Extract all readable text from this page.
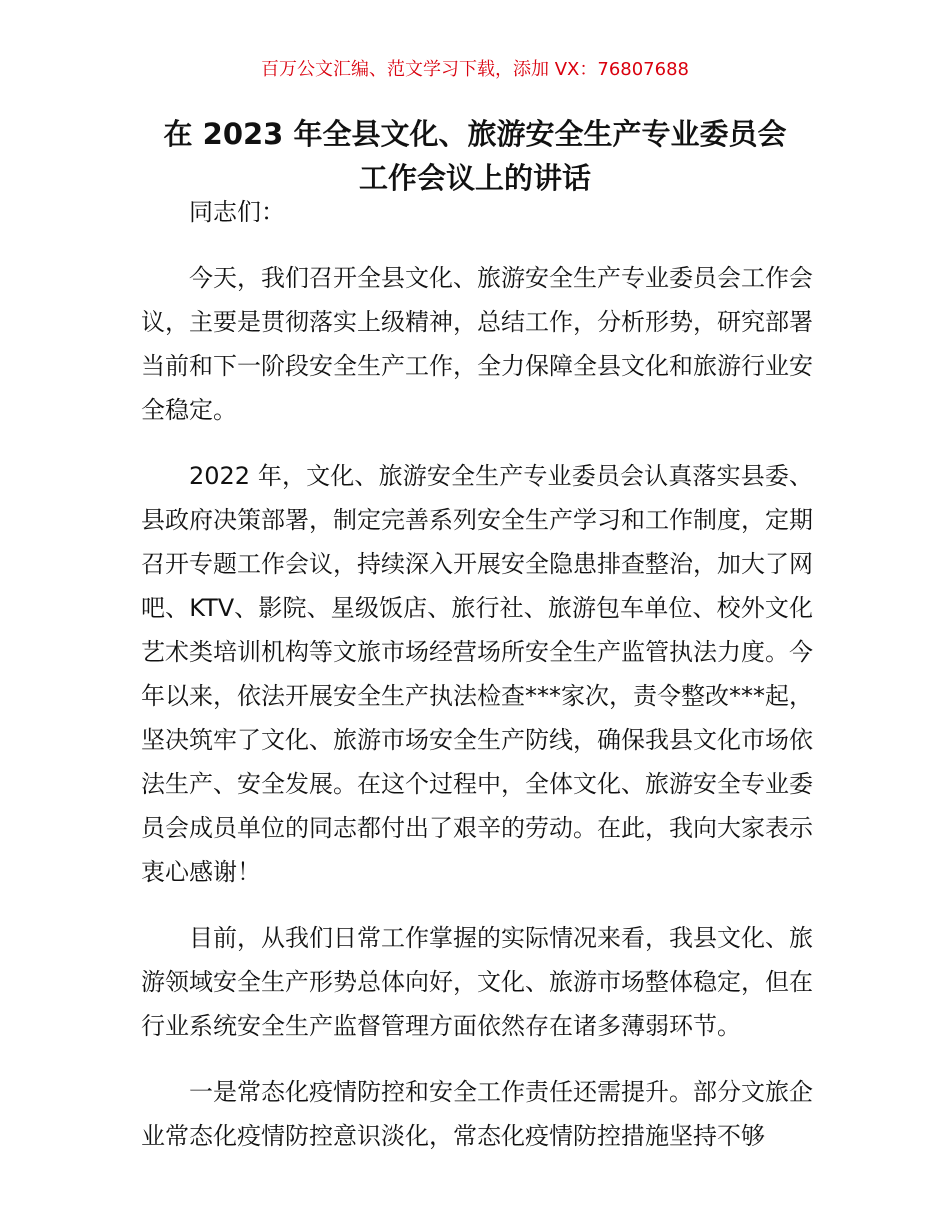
百万公文汇编、范文学习下载，添加 VX：76807688
在 2023 年全县文化、旅游安全生产专业委员会
工作会议上的讲话

同志们：

今天，我们召开全县文化、旅游安全生产专业委员会工作会议，主要是贯彻落实上级精神，总结工作，分析形势，研究部署当前和下一阶段安全生产工作，全力保障全县文化和旅游行业安全稳定。

2022 年，文化、旅游安全生产专业委员会认真落实县委、县政府决策部署，制定完善系列安全生产学习和工作制度，定期召开专题工作会议，持续深入开展安全隐患排查整治，加大了网吧、KTV、影院、星级饭店、旅行社、旅游包车单位、校外文化艺术类培训机构等文旅市场经营场所安全生产监管执法力度。今年以来，依法开展安全生产执法检查***家次，责令整改***起，坚决筑牢了文化、旅游市场安全生产防线，确保我县文化市场依法生产、安全发展。在这个过程中，全体文化、旅游安全专业委员会成员单位的同志都付出了艰辛的劳动。在此，我向大家表示衷心感谢！

目前，从我们日常工作掌握的实际情况来看，我县文化、旅游领域安全生产形势总体向好，文化、旅游市场整体稳定，但在行业系统安全生产监督管理方面依然存在诸多薄弱环节。

一是常态化疫情防控和安全工作责任还需提升。部分文旅企业常态化疫情防控意识淡化，常态化疫情防控措施坚持不够
